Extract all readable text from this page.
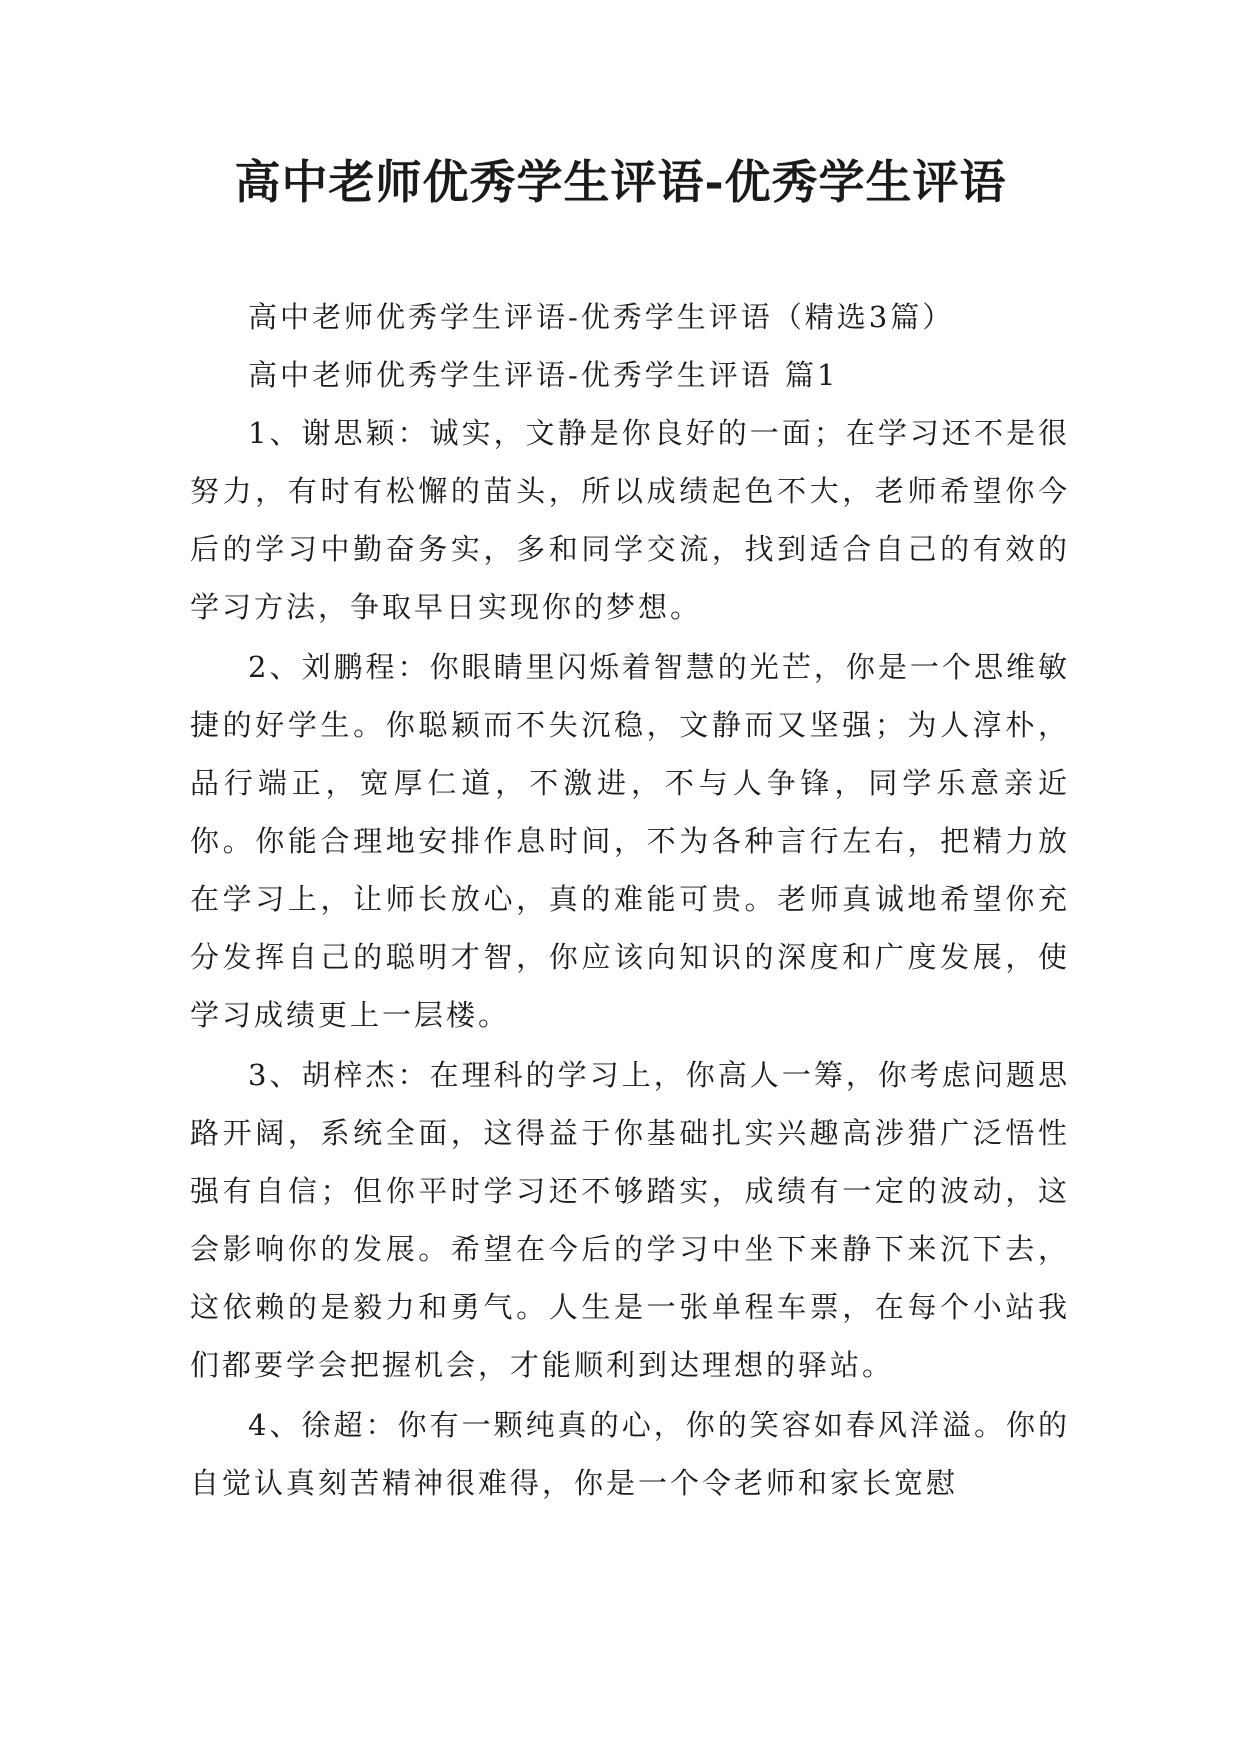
高中老师优秀学生评语-优秀学生评语

高中老师优秀学生评语-优秀学生评语（精选3篇）

高中老师优秀学生评语-优秀学生评语 篇1

1、谢思颖：诚实，文静是你良好的一面；在学习还不是很努力，有时有松懈的苗头，所以成绩起色不大，老师希望你今后的学习中勤奋务实，多和同学交流，找到适合自己的有效的学习方法，争取早日实现你的梦想。

2、刘鹏程：你眼睛里闪烁着智慧的光芒，你是一个思维敏捷的好学生。你聪颖而不失沉稳，文静而又坚强；为人淳朴，品行端正，宽厚仁道，不激进，不与人争锋，同学乐意亲近你。你能合理地安排作息时间，不为各种言行左右，把精力放在学习上，让师长放心，真的难能可贵。老师真诚地希望你充分发挥自己的聪明才智，你应该向知识的深度和广度发展，使学习成绩更上一层楼。

3、胡梓杰：在理科的学习上，你高人一筹，你考虑问题思路开阔，系统全面，这得益于你基础扎实兴趣高涉猎广泛悟性强有自信；但你平时学习还不够踏实，成绩有一定的波动，这会影响你的发展。希望在今后的学习中坐下来静下来沉下去，这依赖的是毅力和勇气。人生是一张单程车票，在每个小站我们都要学会把握机会，才能顺利到达理想的驿站。

4、徐超：你有一颗纯真的心，你的笑容如春风洋溢。你的自觉认真刻苦精神很难得，你是一个令老师和家长宽慰
